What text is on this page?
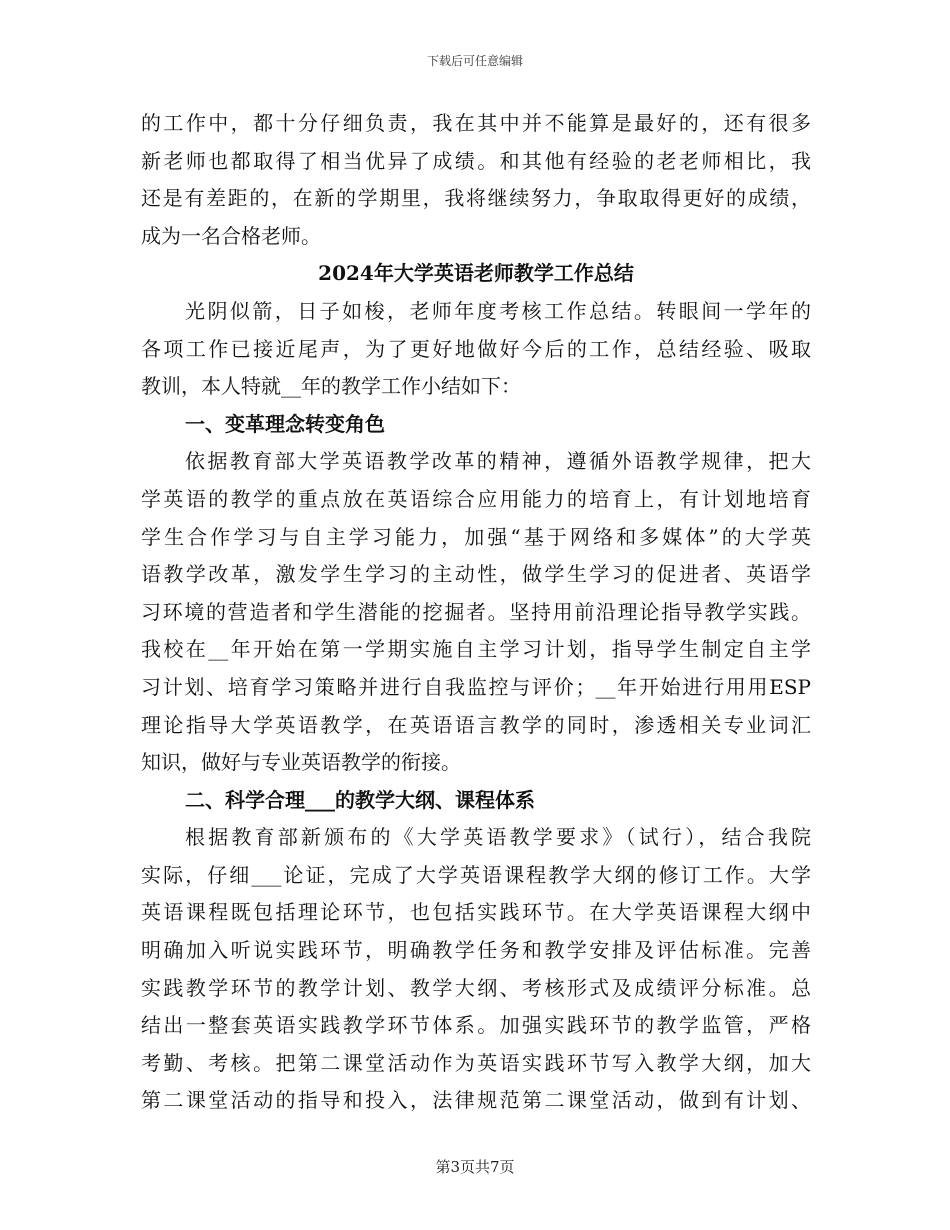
下载后可任意编辑
的工作中，都十分仔细负责，我在其中并不能算是最好的，还有很多
新老师也都取得了相当优异了成绩。和其他有经验的老老师相比，我
还是有差距的，在新的学期里，我将继续努力，争取取得更好的成绩，
成为一名合格老师。
2024年大学英语老师教学工作总结
光阴似箭，日子如梭，老师年度考核工作总结。转眼间一学年的
各项工作已接近尾声，为了更好地做好今后的工作，总结经验、吸取
教训，本人特就__年的教学工作小结如下：
一、变革理念转变角色
依据教育部大学英语教学改革的精神，遵循外语教学规律，把大
学英语的教学的重点放在英语综合应用能力的培育上，有计划地培育
学生合作学习与自主学习能力，加强“基于网络和多媒体”的大学英
语教学改革，激发学生学习的主动性，做学生学习的促进者、英语学
习环境的营造者和学生潜能的挖掘者。坚持用前沿理论指导教学实践。
我校在__年开始在第一学期实施自主学习计划，指导学生制定自主学
习计划、培育学习策略并进行自我监控与评价；__年开始进行用用ESP
理论指导大学英语教学，在英语语言教学的同时，渗透相关专业词汇
知识，做好与专业英语教学的衔接。
二、科学合理___的教学大纲、课程体系
根据教育部新颁布的《大学英语教学要求》（试行），结合我院
实际，仔细___论证，完成了大学英语课程教学大纲的修订工作。大学
英语课程既包括理论环节，也包括实践环节。在大学英语课程大纲中
明确加入听说实践环节，明确教学任务和教学安排及评估标准。完善
实践教学环节的教学计划、教学大纲、考核形式及成绩评分标准。总
结出一整套英语实践教学环节体系。加强实践环节的教学监管，严格
考勤、考核。把第二课堂活动作为英语实践环节写入教学大纲，加大
第二课堂活动的指导和投入，法律规范第二课堂活动，做到有计划、
第3页共7页
